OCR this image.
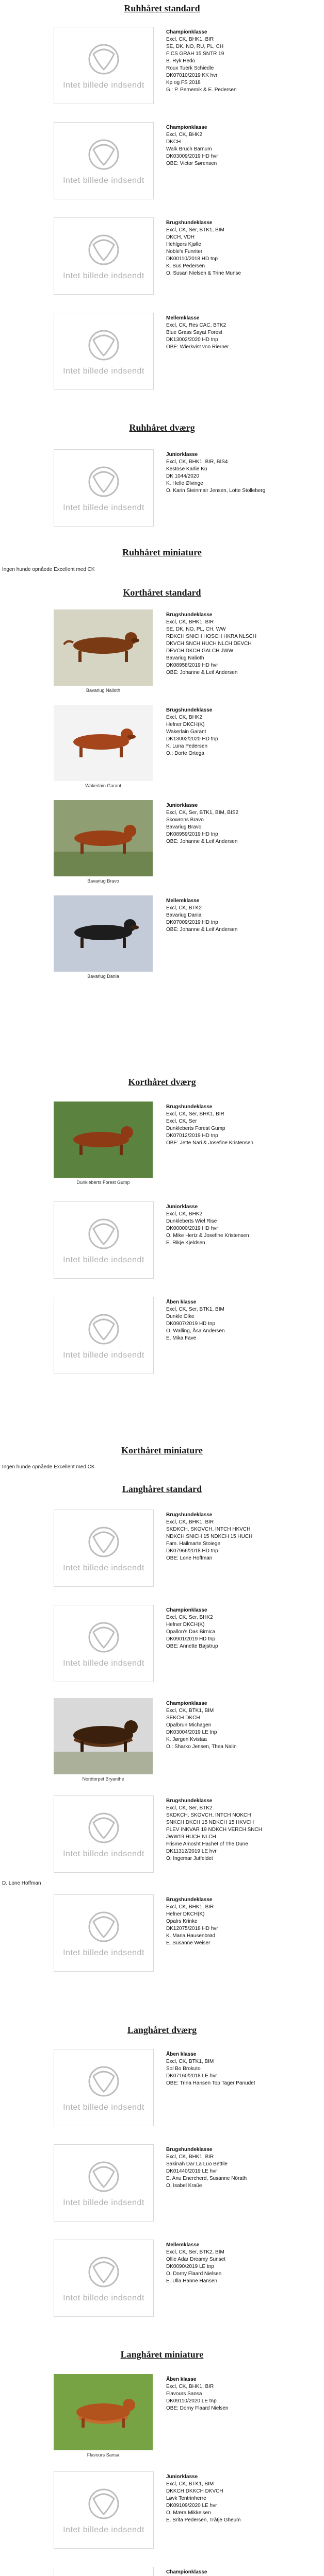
Ruhhåret standard
Intet billede indsendt
Championklasse
Excl, CK, BHK1, BIR
SE, DK, NO, RU, PL, CH
FICS GRAH 15 SNTR 19
B. Ryk Hedo
Roux Tuerk Schiedle
DK07010/2019 KK hvr
Kp og FS 2018
G.: P. Pernemik & E. Pedersen
Intet billede indsendt
Championklasse
Excl, CK, BHK2
DKCH
Walk Bruch Barnum
DK03009/2019 HD hvr
OBE: Victor Sørensen
Intet billede indsendt
Brugshundeklasse
Excl, CK, Ser, BTK1, BIM
DKCH, VDH
Hehlgers Kjølle
Noble's Funriter
DK00110/2018 HD tnp
K. Bus Pedersen
O. Susan Nielsen & Trine Munse
Intet billede indsendt
Mellemklasse
Excl, CK, Res CAC, BTK2
Blue Grass Sayat Forest
DK13002/2020 HD tnp
OBE: Wierkvist von Rierner
Ruhhåret dværg
Intet billede indsendt
Juniorklasse
Excl, CK, BHK1, BIR, BIS4
Kestöse Karlie Ku
DK 1044/2020
K. Helle Ølvinge
O. Karin Steinmair Jensen, Lotte Stolleberg
Ruhhåret miniature
Ingen hunde opnåede Excellent med CK
Korthåret standard
Bavariug Nalioth
Brugshundeklasse
Excl, CK, BHK1, BIR
SE, DK, NO, PL, CH, WW
RDKCH SNICH HOSCH HKRA NLSCH
DKVCH SNCH HUCH NLCH DEVCH
DEVCH DKCH GALCH JWW
Bavariug Nalioth
DK08958/2019 HD hvr
OBE: Johanne & Leif Andersen
Wakerlain Garant
Brugshundeklasse
Excl, CK, BHK2
Hefner DKCH(K)
Wakerlain Garant
DK13002/2020 HD tnp
K. Luna Pedersen
O.: Dorte Ortega
Bavariug Bravo
Juniorklasse
Excl, CK, Ser, BTK1, BIM, BIS2
Skowrons Bravo
Bavariug Bravo
DK08959/2019 HD tnp
OBE: Johanne & Leif Andersen
Bavariug Dania
Mellemklasse
Excl, CK, BTK2
Bavariug Dania
DK07009/2019 HD tnp
OBE: Johanne & Leif Andersen
Korthåret dværg
Dunkleberts Forest Gump
Brugshundeklasse
Excl, CK, Ser, BHK1, BIR
Excl, CK, Ser
Dunkleberts Forest Gump
DK07012/2019 HD tnp
OBE: Jette Nari & Josefine Kristensen
Intet billede indsendt
Juniorklasse
Excl, CK, BHK2
Dunkleberts Wiel Rise
DK00000/2019 HD hvr
O. Mike Hertz & Josefine Kristensen
E. Rikje Kjeldsen
Intet billede indsendt
Åben klasse
Excl, CK, Ser, BTK1, BIM
Dunkle Olke
DK0907/2019 HD tnp
O. Walling, Åsa Andersen
E. Mika Fave
Korthåret miniature
Ingen hunde opnåede Excellent med CK
Langhåret standard
Intet billede indsendt
Brugshundeklasse
Excl, CK, BHK1, BIR
SKDKCH, SKOVCH, INTCH HKVCH
NDKCH SNICH 15 NDKCH 15 HUCH
Fam. Hailmarte Stoiege
DK07966/2018 HD tnp
OBE: Lone Hoffman
Intet billede indsendt
Championklasse
Excl, CK, Ser, BHK2
Hefner DKCH(K)
Opallon's Das Birnica
DK0901/2019 HD tnp
OBE: Annette Bøjstrup
Nordtorpet Bryanthe
Championklasse
Excl, CK, BTK1, BIM
SEKCH DKCH
Opalbrun Michagen
DK03004/2019 LE tnp
K. Jørgen Kvistaa
O.: Sharko Jensen, Thea Nalin
Intet billede indsendt
Brugshundeklasse
Excl, CK, Ser, BTK2
SKDKCH, SKOVCH, INTCH NOKCH
SNKCH DKCH 15 NDKCH 15 HKVCH
PLEV INKVAR 19 NDKCH VERCH SNCH
JWW19 HUCH NLCH
Frisme Amosht Hachet of The Dune
DK11312/2019 LE hvr
O. Ingemar Jutfeldet
D. Lone Hoffman
Intet billede indsendt
Brugshundeklasse
Excl, CK, BHK1, BIR
Hefner DKCH(K)
Opalrs Krinke
DK12075/2018 HD hvr
K. Maria Hausenbrød
E. Susanne Weiser
Langhåret dværg
Intet billede indsendt
Åben klasse
Excl, CK, BTK1, BIM
Sol Bo Brokuto
DK07160/2018 LE hvr
OBE: Trina Hansen Top Tager Panudet
Intet billede indsendt
Brugshundeklasse
Excl, CK, BHK1, BIR
Sakinah Dar La Luo Bettile
DK01440/2019 LE hvr
E. Anu Enercherd, Susanne Nörath
O. Isabel Kraüe
Intet billede indsendt
Mellemklasse
Excl, CK, Ser, BTK2, BIM
Ollie Adar Dreamy Sunset
DK0090/2019 LE tnp
O. Dorny Flaard Nielsen
E. Ulla Hanne Hansen
Langhåret miniature
Flavours Sansa
Åben klasse
Excl, CK, BHK1, BIR
Flavours Sansa
DK09110/2020 LE tnp
OBE: Dorny Flaard Nielsen
Intet billede indsendt
Juniorklasse
Excl, CK, BTK1, BIM
DKKCH DKKCH DKVCH
Løvk Tentrinherre
DK09109/2020 LE hvr
O. Mæra Mikkelsen
E. Brita Pedersen, Tråtje Gheum
Championklasse
